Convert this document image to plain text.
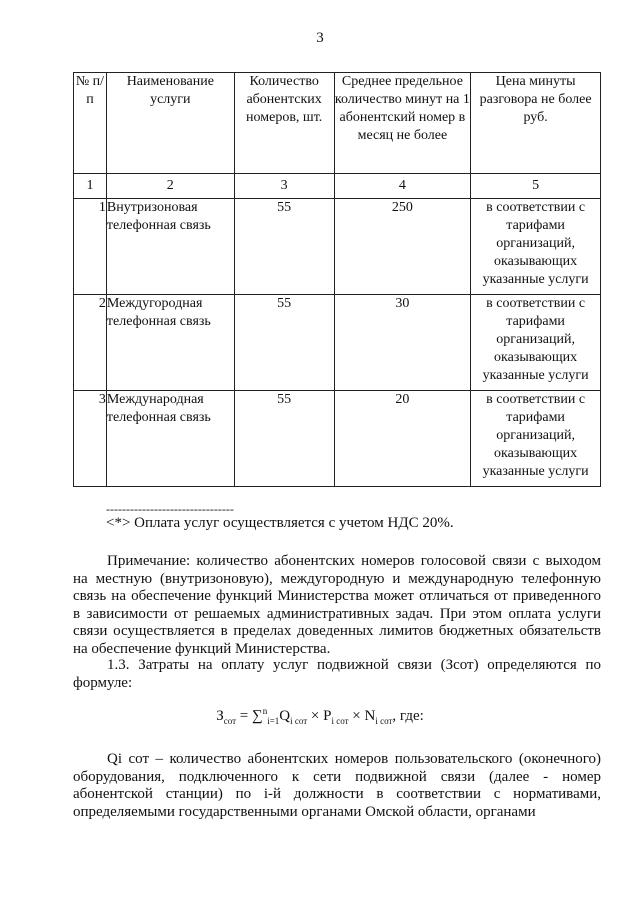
3
№ п/п	Наименование услуги	Количество абонентских номеров, шт.	Среднее предельное количество минут на 1 абонентский номер в месяц не более	Цена минуты разговора не более руб.
1	2	3	4	5
1	Внутризоновая телефонная связь	55	250	в соответствии с тарифами организаций, оказывающих указанные услуги
2	Междугородная телефонная связь	55	30	в соответствии с тарифами организаций, оказывающих указанные услуги
3	Международная телефонная связь	55	20	в соответствии с тарифами организаций, оказывающих указанные услуги
--------------------------------
<*> Оплата услуг осуществляется с учетом НДС 20%.
Примечание: количество абонентских номеров голосовой связи с выходом на местную (внутризоновую), междугородную и международную телефонную связь на обеспечение функций Министерства может отличаться от приведенного в зависимости от решаемых административных задач. При этом оплата услуги связи осуществляется в пределах доведенных лимитов бюджетных обязательств на обеспечение функций Министерства.
1.3. Затраты на оплату услуг подвижной связи (Зсот) определяются по формуле:
$З_{сот} = \sum^n_{i=1}Q_{i сот} \times P_{i сот} \times N_{i сот}$, где:
Qi сот – количество абонентских номеров пользовательского (оконечного) оборудования, подключенного к сети подвижной связи (далее - номер абонентской станции) по i-й должности в соответствии с нормативами, определяемыми государственными органами Омской области, органами
